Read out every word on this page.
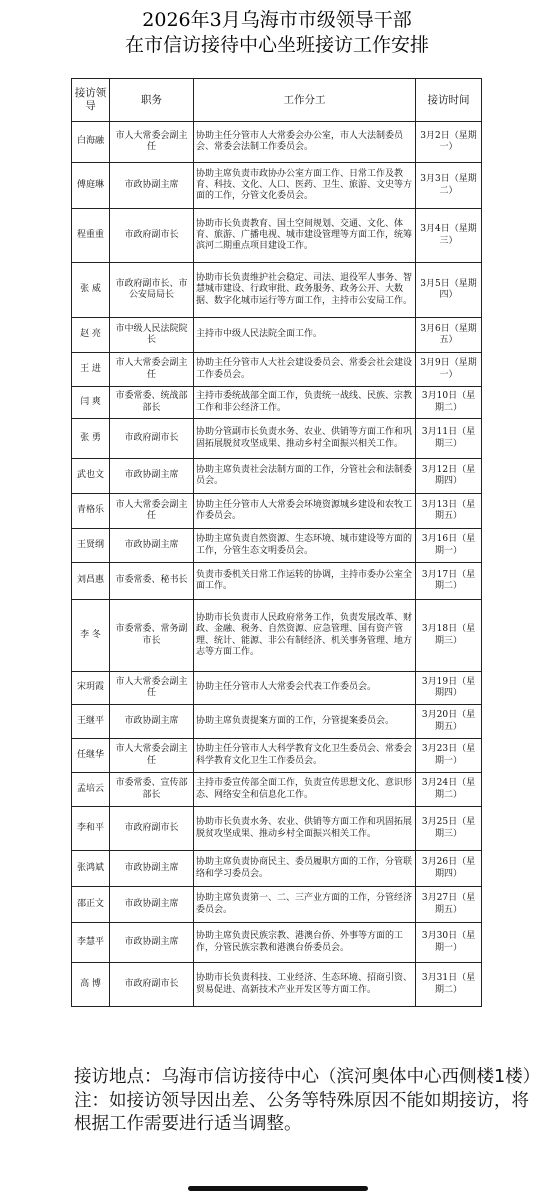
2026年3月乌海市市级领导干部
在市信访接待中心坐班接访工作安排
接访领导	职务	工作分工	接访时间
白海融	市人大常委会副主任	协助主任分管市人大常委会办公室，市人大法制委员会、常委会法制工作委员会。	3月2日（星期一）
傅庭琳	市政协副主席	协助主席负责市政协办公室方面工作、日常工作及教育、科技、文化、人口、医药、卫生、旅游、文史等方面的工作，分管文化委员会。	3月3日（星期二）
程重重	市政府副市长	协助市长负责教育、国土空间规划、交通、文化、体育、旅游、广播电视、城市建设管理等方面工作，统筹滨河二期重点项目建设工作。	3月4日（星期三）
张 威	市政府副市长、市公安局局长	协助市长负责维护社会稳定、司法、退役军人事务、智慧城市建设、行政审批、政务服务、政务公开、大数据、数字化城市运行等方面工作，主持市公安局工作。	3月5日（星期四）
赵 亮	市中级人民法院院长	主持市中级人民法院全面工作。	3月6日（星期五）
王 进	市人大常委会副主任	协助主任分管市人大社会建设委员会、常委会社会建设工作委员会。	3月9日（星期一）
闫 爽	市委常委、统战部部长	主持市委统战部全面工作，负责统一战线、民族、宗教工作和非公经济工作。	3月10日（星期二）
张 勇	市政府副市长	协助分管副市长负责水务、农业、供销等方面工作和巩固拓展脱贫攻坚成果、推动乡村全面振兴相关工作。	3月11日（星期三）
武也文	市政协副主席	协助主席负责社会法制方面的工作，分管社会和法制委员会。	3月12日（星期四）
青格乐	市人大常委会副主任	协助主任分管市人大常委会环境资源城乡建设和农牧工作委员会。	3月13日（星期五）
王贤纲	市政协副主席	协助主席负责自然资源、生态环境、城市建设等方面的工作，分管生态文明委员会。	3月16日（星期一）
刘昌惠	市委常委、秘书长	负责市委机关日常工作运转的协调，主持市委办公室全面工作。	3月17日（星期二）
李 冬	市委常委、常务副市长	协助市长负责市人民政府常务工作，负责发展改革、财政、金融、税务、自然资源、应急管理、国有资产管理、统计、能源、非公有制经济、机关事务管理、地方志等方面工作。	3月18日（星期三）
宋玥霞	市人大常委会副主任	协助主任分管市人大常委会代表工作委员会。	3月19日（星期四）
王继平	市政协副主席	协助主席负责提案方面的工作，分管提案委员会。	3月20日（星期五）
任继华	市人大常委会副主任	协助主任分管市人大科学教育文化卫生委员会、常委会科学教育文化卫生工作委员会。	3月23日（星期一）
孟培云	市委常委、宣传部部长	主持市委宣传部全面工作，负责宣传思想文化、意识形态、网络安全和信息化工作。	3月24日（星期二）
李和平	市政府副市长	协助市长负责水务、农业、供销等方面工作和巩固拓展脱贫攻坚成果、推动乡村全面振兴相关工作。	3月25日（星期三）
张鸿斌	市政协副主席	协助主席负责协商民主、委员履职方面的工作，分管联络和学习委员会。	3月26日（星期四）
邵正文	市政协副主席	协助主席负责第一、二、三产业方面的工作，分管经济委员会。	3月27日（星期五）
李慧平	市政协副主席	协助主席负责民族宗教、港澳台侨、外事等方面的工作，分管民族宗教和港澳台侨委员会。	3月30日（星期一）
高 博	市政府副市长	协助市长负责科技、工业经济、生态环境、招商引资、贸易促进、高新技术产业开发区等方面工作。	3月31日（星期二）
接访地点：乌海市信访接待中心（滨河奥体中心西侧楼1楼）
注：如接访领导因出差、公务等特殊原因不能如期接访，将根据工作需要进行适当调整。
